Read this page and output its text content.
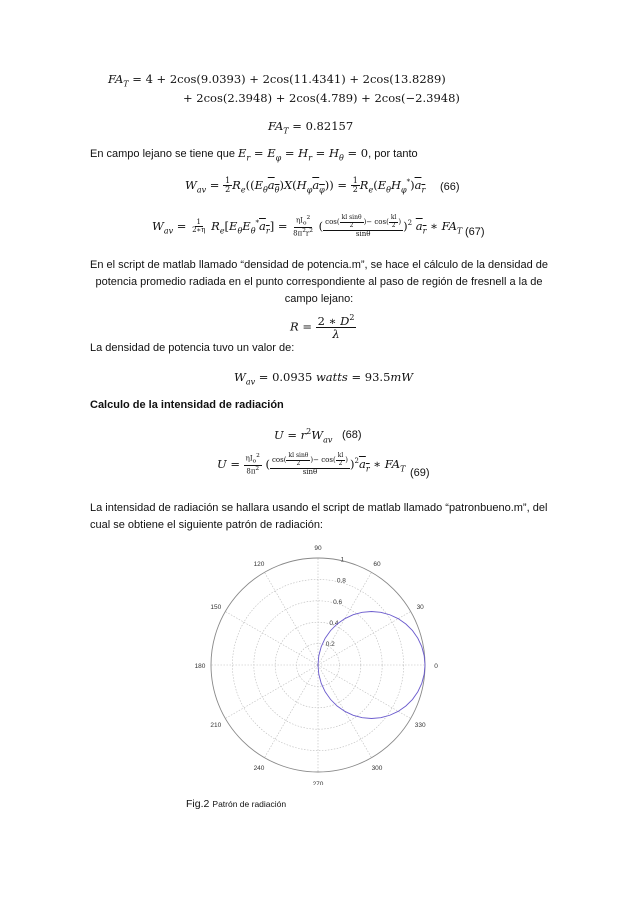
$FA_T = 4 + 2\cos(9.0393) + 2\cos(11.4341) + 2\cos(13.8289)$
+ 2cos(2.3948) + 2cos(4.789) + 2cos(−2.3948)
$FA_T = 0.82157$
En campo lejano se tiene que $E_r = E_\varphi = H_r = H_\theta = 0$, por tanto
$W_{av} = \frac{1}{2} R_e((E_\theta a_\theta)X(H_\varphi a_\varphi)) = \frac{1}{2} R_e(E_\theta H_\varphi^*)a_r$ (66)
$W_{av} = \frac{1}{2∗\eta} R_e[E_\theta E_\theta^*a_r] = \frac{\eta I_o^2}{8\pi^2r^2}$ ( $\frac{\cos( \frac{\text{kl sinθ}}{2} )- \cos( \frac{kl}{2} )}{\sin\theta} )^2$ $a_r$ ∗ $FA_T$ (67)
En el script de matlab llamado “densidad de potencia.m”, se hace el cálculo de la densidad de
potencia promedio radiada en el punto correspondiente al paso de región de fresnell a la de
campo lejano:
$R = \frac{2 ∗ D^2}{\lambda}$
La densidad de potencia tuvo un valor de:
$W_{av} = 0.0935$ watts = 93.5mW
Calculo de la intensidad de radiación
$U = r^2W_{av}$ (68)
$U = \frac{\eta I_o^2}{8\pi^2}$ ( $\frac{\cos( \frac{\text{kl sinθ}}{2} )- \cos( \frac{kl}{2} )}{\sin\theta} )^2a_r$ ∗ $FA_T$ (69)
La intensidad de radiación se hallara usando el script de matlab llamado “patronbueno.m”, del
cual se obtiene el siguiente patrón de radiación:
90
60
30
0
330
300
270
240
210
180
150
120
0.2
0.4
0.6
0.8
1
Fig.2 Patrón de radiación
